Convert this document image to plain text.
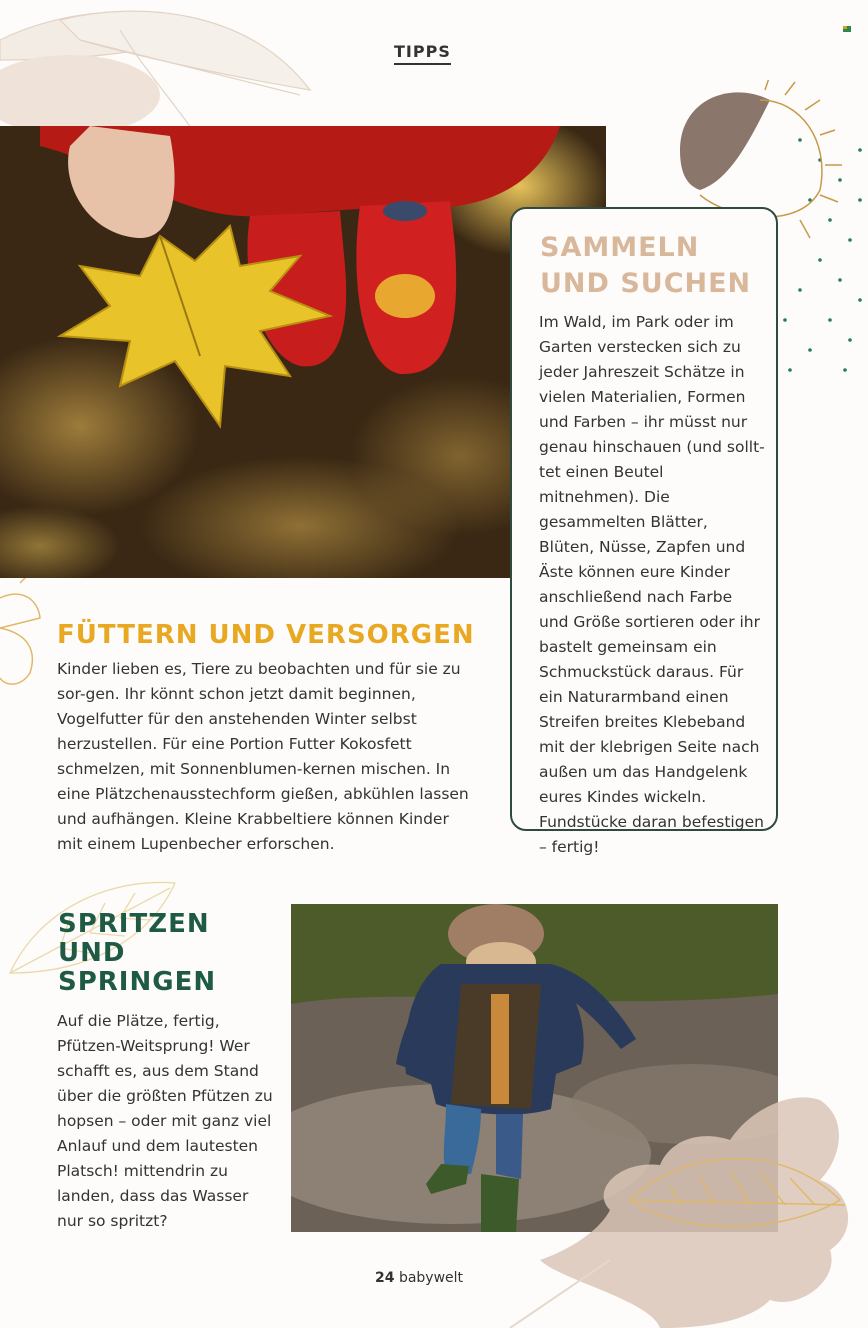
SAMMELN UND SUCHEN
Im Wald, im Park oder im Garten verstecken sich zu jeder Jahreszeit Schätze in vielen Materialien, Formen und Farben – ihr müsst nur genau hinschauen (und sollt-tet einen Beutel mitnehmen). Die gesammelten Blätter, Blüten, Nüsse, Zapfen und Äste können eure Kinder anschließend nach Farbe und Größe sortieren oder ihr bastelt gemeinsam ein Schmuckstück daraus. Für ein Naturarmband einen Streifen breites Klebeband mit der klebrigen Seite nach außen um das Handgelenk eures Kindes wickeln. Fundstücke daran befestigen – fertig!
FÜTTERN UND VERSORGEN
Kinder lieben es, Tiere zu beobachten und für sie zu sor-gen. Ihr könnt schon jetzt damit beginnen, Vogelfutter für den anstehenden Winter selbst herzustellen. Für eine Portion Futter Kokosfett schmelzen, mit Sonnenblumen-kernen mischen. In eine Plätzchenausstechform gießen, abkühlen lassen und aufhängen. Kleine Krabbeltiere können Kinder mit einem Lupenbecher erforschen.
SPRITZEN UND SPRINGEN
Auf die Plätze, fertig, Pfützen-Weitsprung! Wer schafft es, aus dem Stand über die größten Pfützen zu hopsen – oder mit ganz viel Anlauf und dem lautesten Platsch! mittendrin zu landen, dass das Wasser nur so spritzt?
TIPPS
24 babywelt
